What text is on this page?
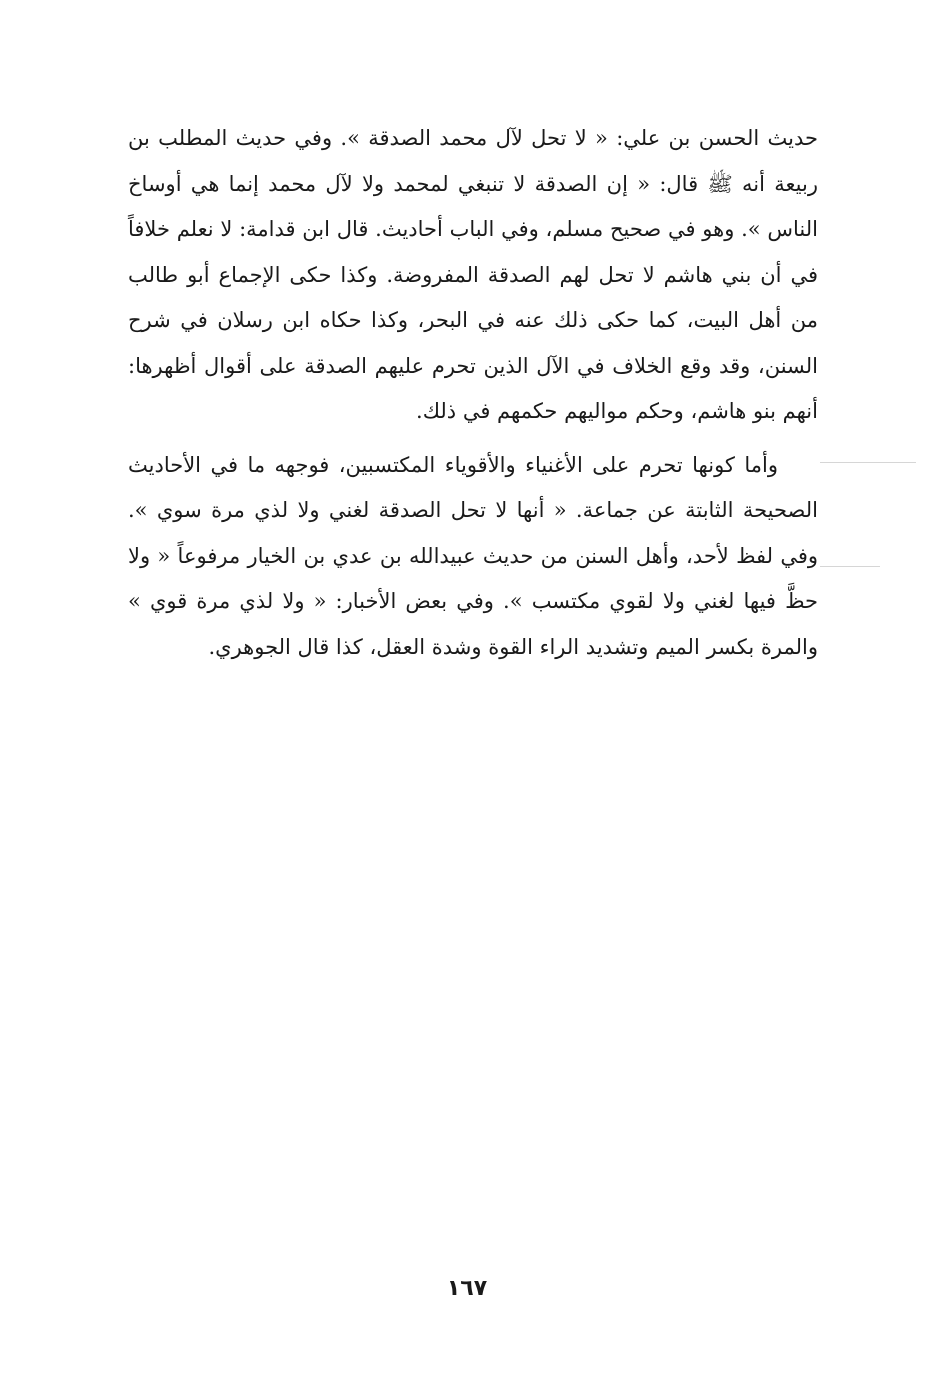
حديث الحسن بن علي: « لا تحل لآل محمد الصدقة ». وفي حديث المطلب بن ربيعة أنه ﷺ قال: « إن الصدقة لا تنبغي لمحمد ولا لآل محمد إنما هي أوساخ الناس ». وهو في صحيح مسلم، وفي الباب أحاديث. قال ابن قدامة: لا نعلم خلافاً في أن بني هاشم لا تحل لهم الصدقة المفروضة. وكذا حكى الإجماع أبو طالب من أهل البيت، كما حكى ذلك عنه في البحر، وكذا حكاه ابن رسلان في شرح السنن، وقد وقع الخلاف في الآل الذين تحرم عليهم الصدقة على أقوال أظهرها: أنهم بنو هاشم، وحكم مواليهم حكمهم في ذلك.

وأما كونها تحرم على الأغنياء والأقوياء المكتسبين، فوجهه ما في الأحاديث الصحيحة الثابتة عن جماعة. « أنها لا تحل الصدقة لغني ولا لذي مرة سوي ». وفي لفظ لأحد، وأهل السنن من حديث عبيدالله بن عدي بن الخيار مرفوعاً « ولا حظَّ فيها لغني ولا لقوي مكتسب ». وفي بعض الأخبار: « ولا لذي مرة قوي » والمرة بكسر الميم وتشديد الراء القوة وشدة العقل، كذا قال الجوهري.

١٦٧
